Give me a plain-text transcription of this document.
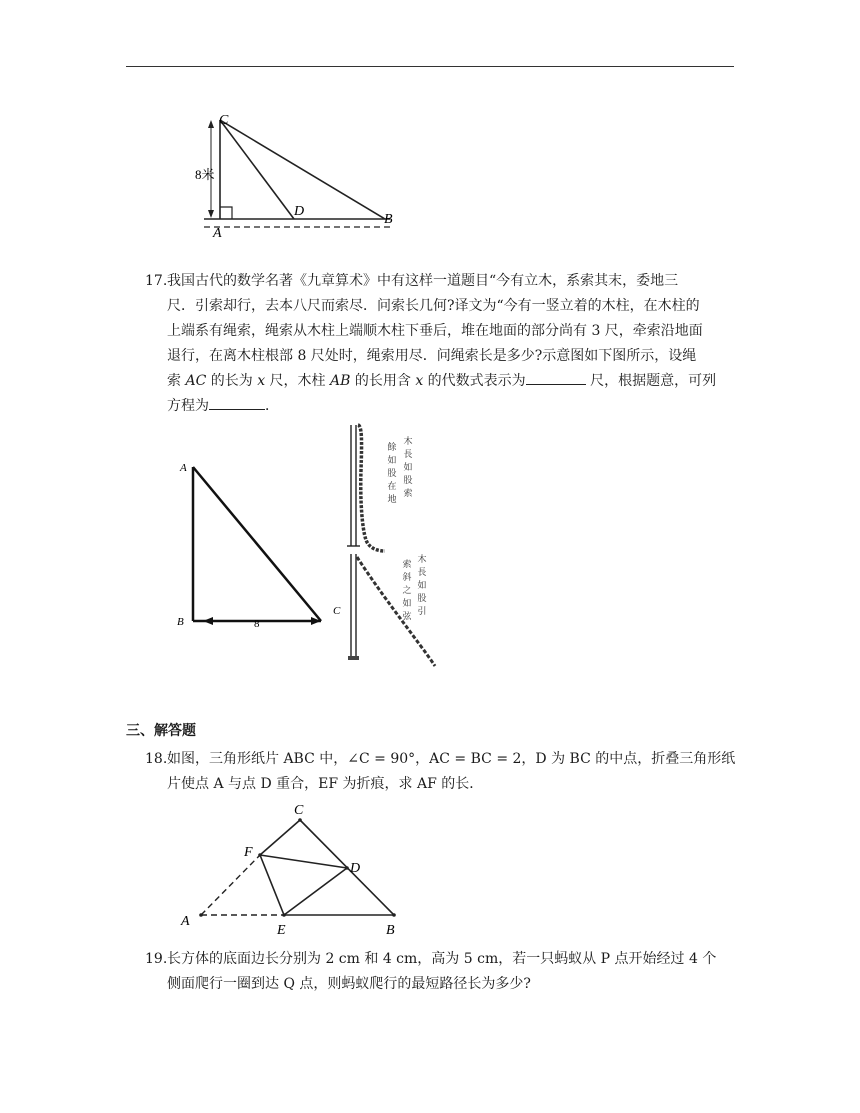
C
8米
D
B
A
17. 我国古代的数学名著《九章算术》中有这样一道题目“今有立木，系索其末，委地三
尺．引索却行，去本八尺而索尽．问索长几何?译文为“今有一竖立着的木柱，在木柱的
上端系有绳索，绳索从木柱上端顺木柱下垂后，堆在地面的部分尚有 3 尺，牵索沿地面
退行，在离木柱根部 8 尺处时，绳索用尽．问绳索长是多少?示意图如下图所示，设绳
索 AC 的长为 x 尺，木柱 AB 的长用含 x 的代数式表示为	尺，根据题意，可列
方程为	．
A
B	8
C
木長如股索
餘如股在地
木長如股引
索斜之如弦
三、解答题
18. 如图，三角形纸片 ABC 中，∠C = 90°，AC = BC = 2，D 为 BC 的中点，折叠三角形纸
片使点 A 与点 D 重合，EF 为折痕，求 AF 的长．
C
F
D
A
E	B
19. 长方体的底面边长分别为 2 cm 和 4 cm，高为 5 cm，若一只蚂蚁从 P 点开始经过 4 个
侧面爬行一圈到达 Q 点，则蚂蚁爬行的最短路径长为多少?
